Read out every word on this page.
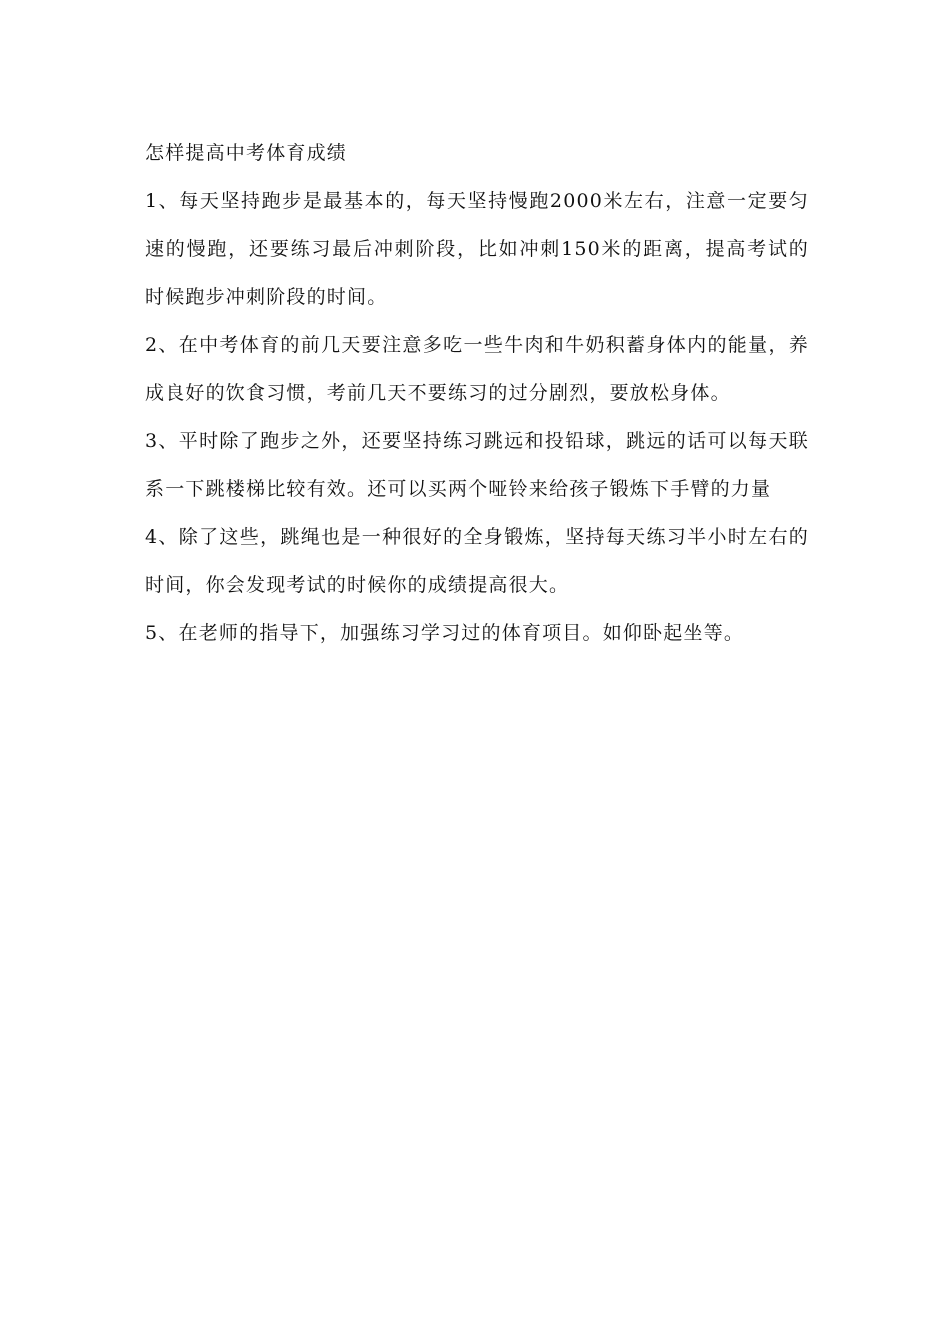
怎样提高中考体育成绩

1、每天坚持跑步是最基本的，每天坚持慢跑2000米左右，注意一定要匀速的慢跑，还要练习最后冲刺阶段，比如冲刺150米的距离，提高考试的时候跑步冲刺阶段的时间。

2、在中考体育的前几天要注意多吃一些牛肉和牛奶积蓄身体内的能量，养成良好的饮食习惯，考前几天不要练习的过分剧烈，要放松身体。

3、平时除了跑步之外，还要坚持练习跳远和投铅球，跳远的话可以每天联系一下跳楼梯比较有效。还可以买两个哑铃来给孩子锻炼下手臂的力量

4、除了这些，跳绳也是一种很好的全身锻炼，坚持每天练习半小时左右的时间，你会发现考试的时候你的成绩提高很大。

5、在老师的指导下，加强练习学习过的体育项目。如仰卧起坐等。
